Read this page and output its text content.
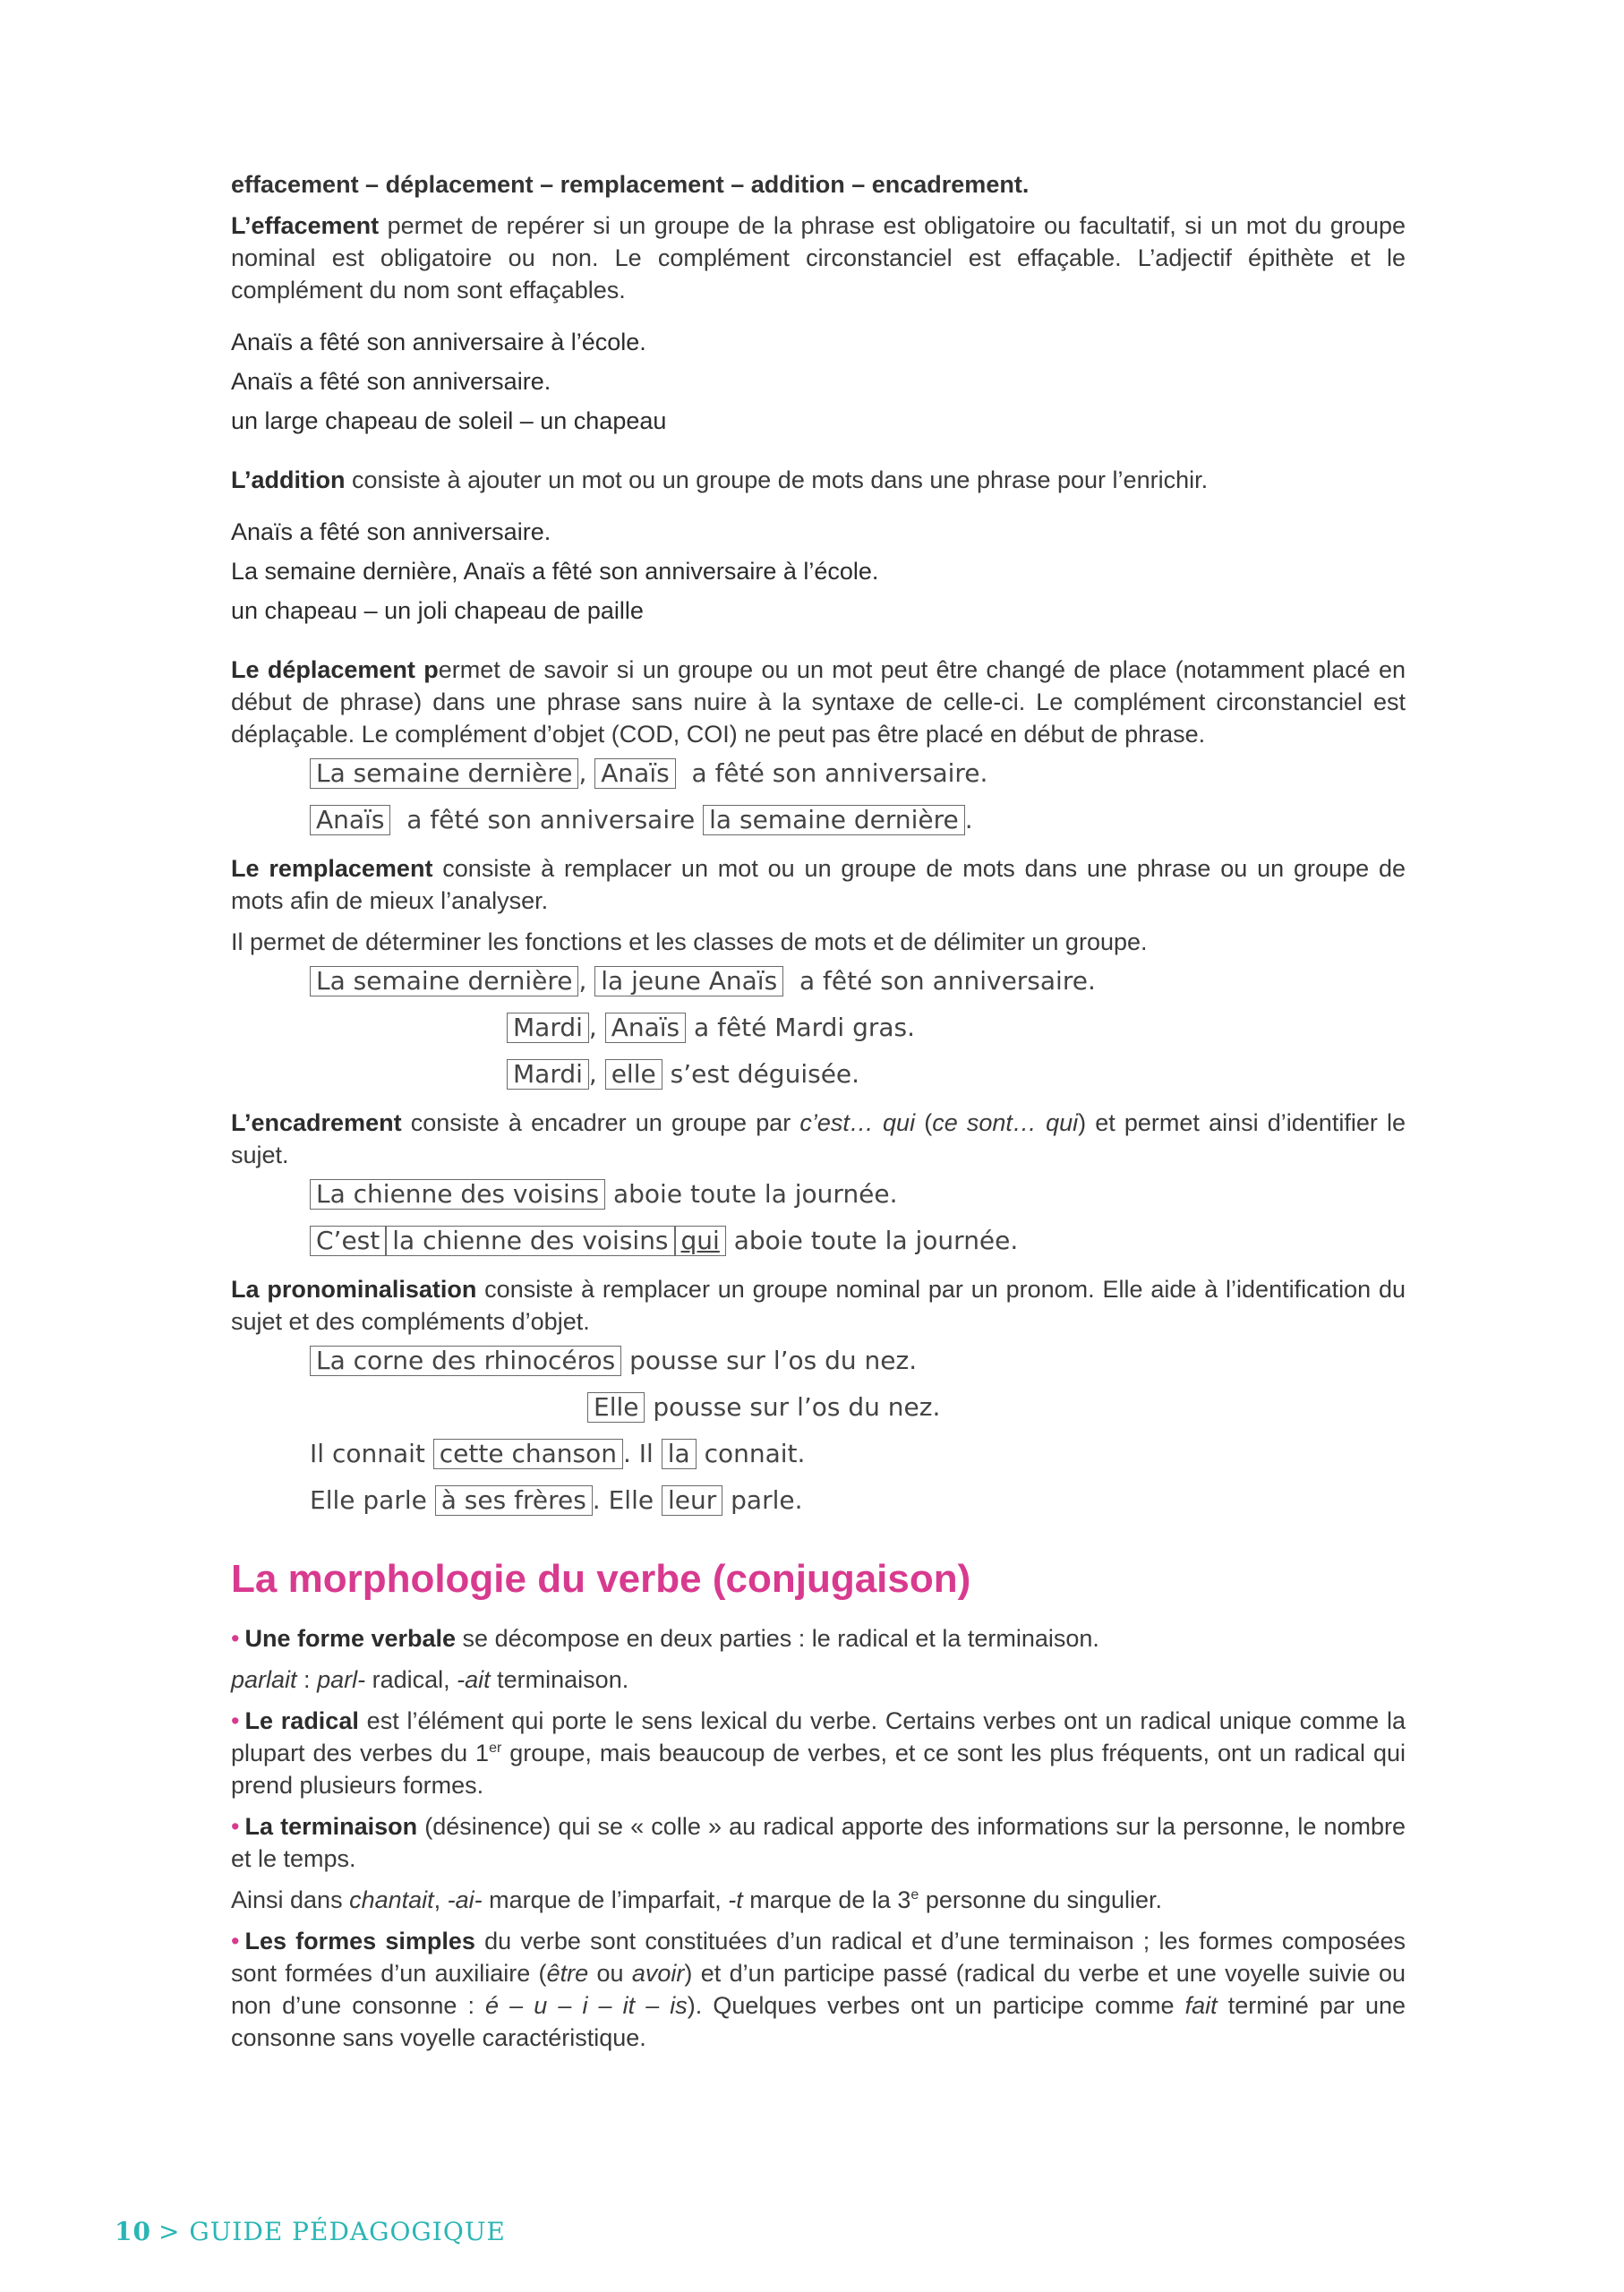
effacement – déplacement – remplacement – addition – encadrement.

L’effacement permet de repérer si un groupe de la phrase est obligatoire ou facultatif, si un mot du groupe nominal est obligatoire ou non. Le complément circonstanciel est effaçable. L’adjectif épithète et le complément du nom sont effaçables.

Anaïs a fêté son anniversaire à l’école.

Anaïs a fêté son anniversaire.

un large chapeau de soleil – un chapeau

L’addition consiste à ajouter un mot ou un groupe de mots dans une phrase pour l’enrichir.

Anaïs a fêté son anniversaire.

La semaine dernière, Anaïs a fêté son anniversaire à l’école.

un chapeau – un joli chapeau de paille

Le déplacement permet de savoir si un groupe ou un mot peut être changé de place (notamment placé en début de phrase) dans une phrase sans nuire à la syntaxe de celle-ci. Le complément circonstanciel est déplaçable. Le complément d’objet (COD, COI) ne peut pas être placé en début de phrase.

La semaine dernière , Anaïs a fêté son anniversaire.
Anaïs a fêté son anniversaire la semaine dernière .

Le remplacement consiste à remplacer un mot ou un groupe de mots dans une phrase ou un groupe de mots afin de mieux l’analyser.

Il permet de déterminer les fonctions et les classes de mots et de délimiter un groupe.

La semaine dernière , la jeune Anaïs a fêté son anniversaire.
Mardi , Anaïs a fêté Mardi gras.
Mardi , elle s’est déguisée.

L’encadrement consiste à encadrer un groupe par c’est… qui (ce sont… qui) et permet ainsi d’identifier le sujet.

La chienne des voisins aboie toute la journée.
C’est la chienne des voisins qui aboie toute la journée.

La pronominalisation consiste à remplacer un groupe nominal par un pronom. Elle aide à l’identification du sujet et des compléments d’objet.

La corne des rhinocéros pousse sur l’os du nez.
Elle pousse sur l’os du nez.
Il connait cette chanson . Il la connait.
Elle parle à ses frères . Elle leur parle.
La morphologie du verbe (conjugaison)

• Une forme verbale se décompose en deux parties : le radical et la terminaison.

parlait : parl- radical, -ait terminaison.

• Le radical est l’élément qui porte le sens lexical du verbe. Certains verbes ont un radical unique comme la plupart des verbes du 1er groupe, mais beaucoup de verbes, et ce sont les plus fréquents, ont un radical qui prend plusieurs formes.

• La terminaison (désinence) qui se « colle » au radical apporte des informations sur la personne, le nombre et le temps.

Ainsi dans chantait, -ai- marque de l’imparfait, -t marque de la 3e personne du singulier.

• Les formes simples du verbe sont constituées d’un radical et d’une terminaison ; les formes composées sont formées d’un auxiliaire (être ou avoir) et d’un participe passé (radical du verbe et une voyelle suivie ou non d’une consonne : é – u – i – it – is). Quelques verbes ont un participe comme fait terminé par une consonne sans voyelle caractéristique.

10 > GUIDE PÉDAGOGIQUE
